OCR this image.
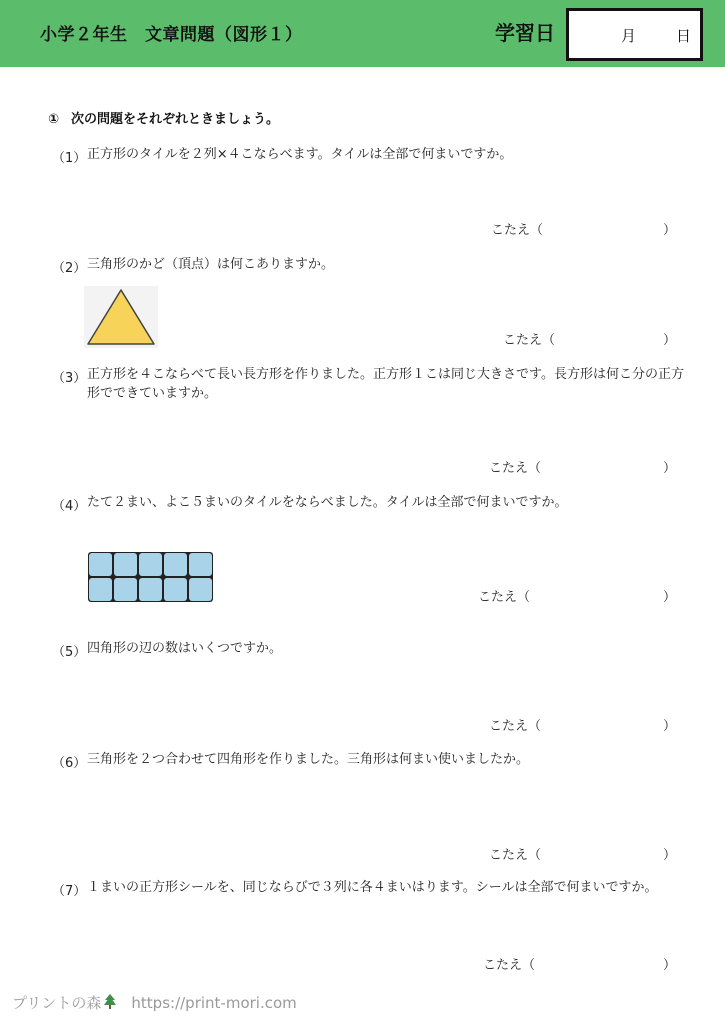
小学２年生　文章問題（図形１）	学習日	月	日
① 次の問題をそれぞれときましょう。
（1） 正方形のタイルを２列×４こならべます。タイルは全部で何まいですか。
こたえ（	）
（2） 三角形のかど（頂点）は何こありますか。
こたえ（	）
（3） 正方形を４こならべて長い長方形を作りました。正方形１こは同じ大きさです。長方形は何こ分の正方形でできていますか。
こたえ（	）
（4） たて２まい、よこ５まいのタイルをならべました。タイルは全部で何まいですか。
こたえ（	）
（5） 四角形の辺の数はいくつですか。
こたえ（	）
（6） 三角形を２つ合わせて四角形を作りました。三角形は何まい使いましたか。
こたえ（	）
（7） １まいの正方形シールを、同じならびで３列に各４まいはります。シールは全部で何まいですか。
こたえ（	）
プリントの森 https://print-mori.com
